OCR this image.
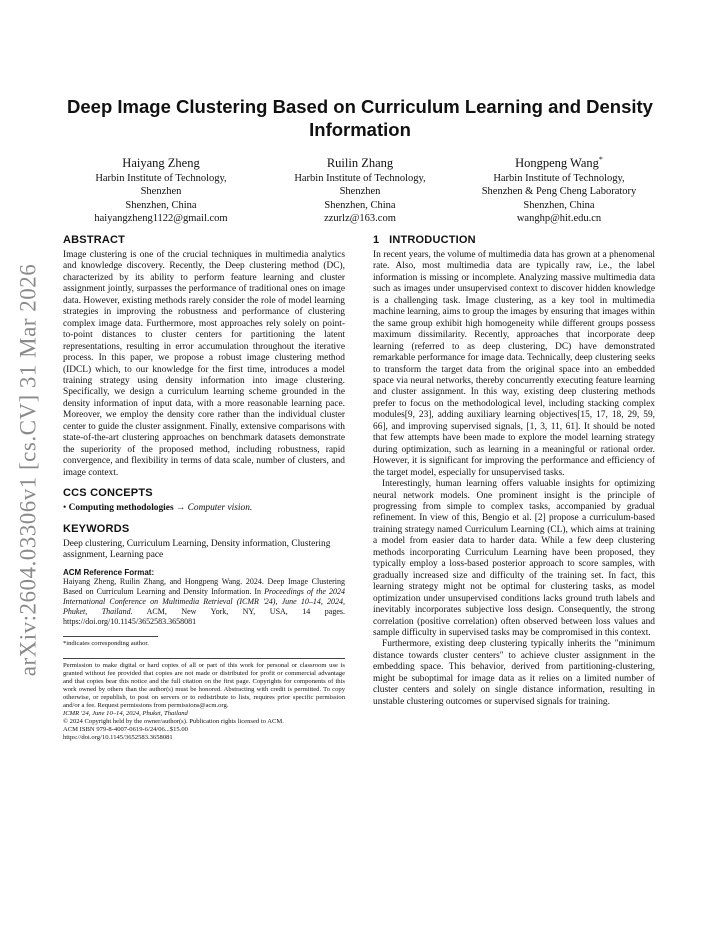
arXiv:2604.03306v1 [cs.CV] 31 Mar 2026
Deep Image Clustering Based on Curriculum Learning and Density Information
Haiyang Zheng
Harbin Institute of Technology,
Shenzhen
Shenzhen, China
haiyangzheng1122@gmail.com
Ruilin Zhang
Harbin Institute of Technology,
Shenzhen
Shenzhen, China
zzurlz@163.com
Hongpeng Wang*
Harbin Institute of Technology,
Shenzhen & Peng Cheng Laboratory
Shenzhen, China
wanghp@hit.edu.cn
ABSTRACT

Image clustering is one of the crucial techniques in multimedia analytics and knowledge discovery. Recently, the Deep clustering method (DC), characterized by its ability to perform feature learning and cluster assignment jointly, surpasses the performance of traditional ones on image data. However, existing methods rarely consider the role of model learning strategies in improving the robustness and performance of clustering complex image data. Furthermore, most approaches rely solely on point-to-point distances to cluster centers for partitioning the latent representations, resulting in error accumulation throughout the iterative process. In this paper, we propose a robust image clustering method (IDCL) which, to our knowledge for the first time, introduces a model training strategy using density information into image clustering. Specifically, we design a curriculum learning scheme grounded in the density information of input data, with a more reasonable learning pace. Moreover, we employ the density core rather than the individual cluster center to guide the cluster assignment. Finally, extensive comparisons with state-of-the-art clustering approaches on benchmark datasets demonstrate the superiority of the proposed method, including robustness, rapid convergence, and flexibility in terms of data scale, number of clusters, and image context.

CCS CONCEPTS

• Computing methodologies → Computer vision.

KEYWORDS

Deep clustering, Curriculum Learning, Density information, Clustering assignment, Learning pace

ACM Reference Format:

Haiyang Zheng, Ruilin Zhang, and Hongpeng Wang. 2024. Deep Image Clustering Based on Curriculum Learning and Density Information. In Proceedings of the 2024 International Conference on Multimedia Retrieval (ICMR '24), June 10–14, 2024, Phuket, Thailand. ACM, New York, NY, USA, 14 pages. https://doi.org/10.1145/3652583.3658081

*indicates corresponding author.

Permission to make digital or hard copies of all or part of this work for personal or classroom use is granted without fee provided that copies are not made or distributed for profit or commercial advantage and that copies bear this notice and the full citation on the first page. Copyrights for components of this work owned by others than the author(s) must be honored. Abstracting with credit is permitted. To copy otherwise, or republish, to post on servers or to redistribute to lists, requires prior specific permission and/or a fee. Request permissions from permissions@acm.org.

ICMR '24, June 10–14, 2024, Phuket, Thailand

© 2024 Copyright held by the owner/author(s). Publication rights licensed to ACM.

ACM ISBN 979-8-4007-0619-6/24/06...$15.00

https://doi.org/10.1145/3652583.3658081

1   INTRODUCTION

In recent years, the volume of multimedia data has grown at a phenomenal rate. Also, most multimedia data are typically raw, i.e., the label information is missing or incomplete. Analyzing massive multimedia data such as images under unsupervised context to discover hidden knowledge is a challenging task. Image clustering, as a key tool in multimedia machine learning, aims to group the images by ensuring that images within the same group exhibit high homogeneity while different groups possess maximum dissimilarity. Recently, approaches that incorporate deep learning (referred to as deep clustering, DC) have demonstrated remarkable performance for image data. Technically, deep clustering seeks to transform the target data from the original space into an embedded space via neural networks, thereby concurrently executing feature learning and cluster assignment. In this way, existing deep clustering methods prefer to focus on the methodological level, including stacking complex modules[9, 23], adding auxiliary learning objectives[15, 17, 18, 29, 59, 66], and improving supervised signals, [1, 3, 11, 61]. It should be noted that few attempts have been made to explore the model learning strategy during optimization, such as learning in a meaningful or rational order. However, it is significant for improving the performance and efficiency of the target model, especially for unsupervised tasks.

Interestingly, human learning offers valuable insights for optimizing neural network models. One prominent insight is the principle of progressing from simple to complex tasks, accompanied by gradual refinement. In view of this, Bengio et al. [2] propose a curriculum-based training strategy named Curriculum Learning (CL), which aims at training a model from easier data to harder data. While a few deep clustering methods incorporating Curriculum Learning have been proposed, they typically employ a loss-based posterior approach to score samples, with gradually increased size and difficulty of the training set. In fact, this learning strategy might not be optimal for clustering tasks, as model optimization under unsupervised conditions lacks ground truth labels and inevitably incorporates subjective loss design. Consequently, the strong correlation (positive correlation) often observed between loss values and sample difficulty in supervised tasks may be compromised in this context.

Furthermore, existing deep clustering typically inherits the "minimum distance towards cluster centers" to achieve cluster assignment in the embedding space. This behavior, derived from partitioning-clustering, might be suboptimal for image data as it relies on a limited number of cluster centers and solely on single distance information, resulting in unstable clustering outcomes or supervised signals for training.
